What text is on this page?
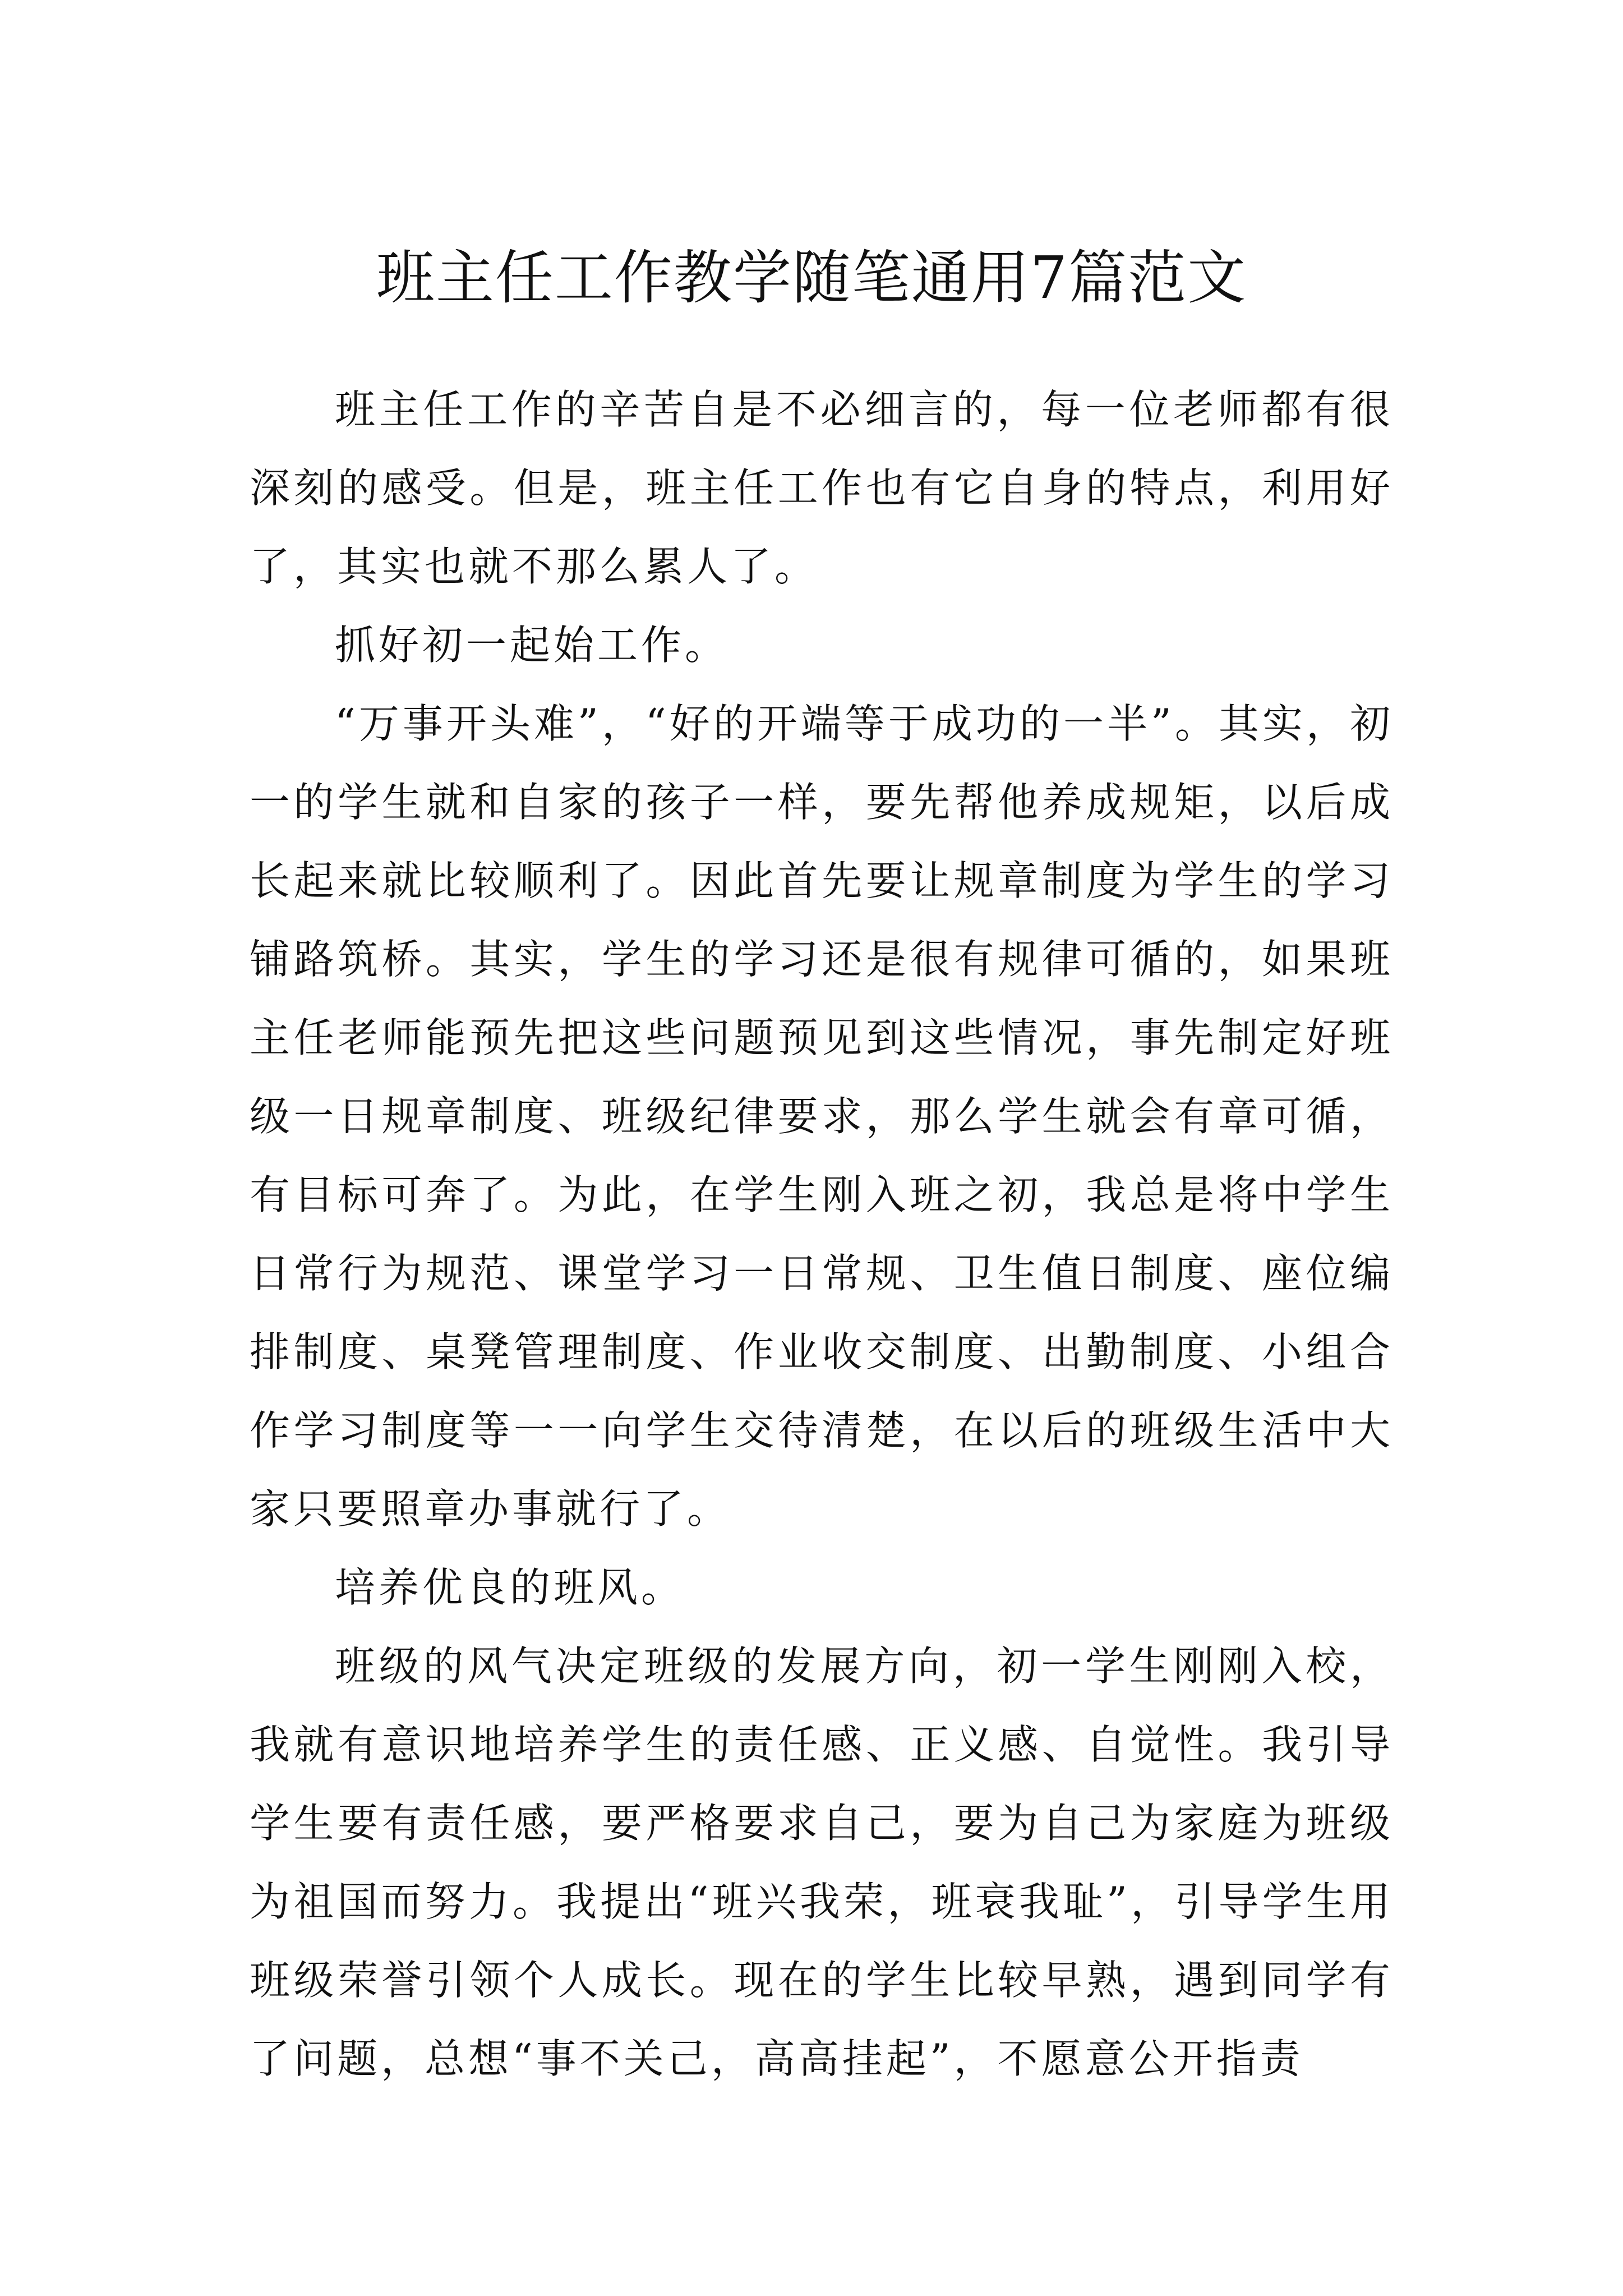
班主任工作教学随笔通用7篇范文

班主任工作的辛苦自是不必细言的，每一位老师都有很深刻的感受。但是，班主任工作也有它自身的特点，利用好了，其实也就不那么累人了。

抓好初一起始工作。

“万事开头难”，“好的开端等于成功的一半”。其实，初一的学生就和自家的孩子一样，要先帮他养成规矩，以后成长起来就比较顺利了。因此首先要让规章制度为学生的学习铺路筑桥。其实，学生的学习还是很有规律可循的，如果班主任老师能预先把这些问题预见到这些情况，事先制定好班级一日规章制度、班级纪律要求，那么学生就会有章可循，有目标可奔了。为此，在学生刚入班之初，我总是将中学生日常行为规范、课堂学习一日常规、卫生值日制度、座位编排制度、桌凳管理制度、作业收交制度、出勤制度、小组合作学习制度等一一向学生交待清楚，在以后的班级生活中大家只要照章办事就行了。

培养优良的班风。

班级的风气决定班级的发展方向，初一学生刚刚入校，我就有意识地培养学生的责任感、正义感、自觉性。我引导学生要有责任感，要严格要求自己，要为自己为家庭为班级为祖国而努力。我提出“班兴我荣，班衰我耻”，引导学生用班级荣誉引领个人成长。现在的学生比较早熟，遇到同学有了问题，总想“事不关己，高高挂起”，不愿意公开指责
